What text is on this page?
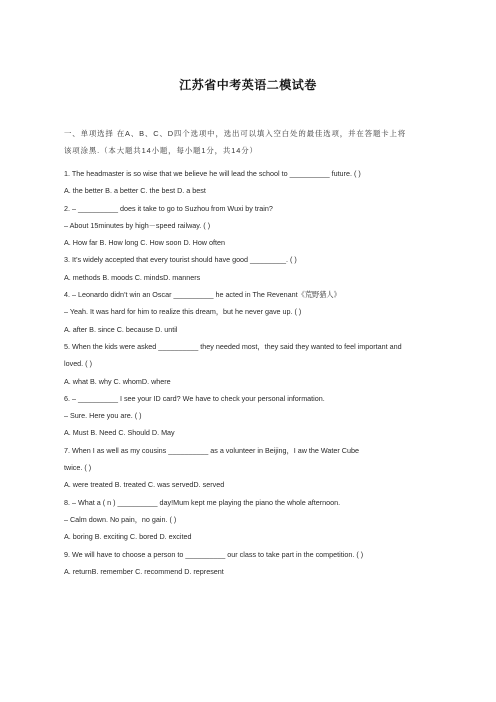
江苏省中考英语二模试卷
一、单项选择 在A、B、C、D四个选项中，选出可以填入空白处的最佳选项，并在答题卡上将
该项涂黑.（本大题共14小题，每小题1分，共14分）
1. The headmaster is so wise that we believe he will lead the school to __________ future. ( )
A. the better B. a better C. the best D. a best
2. – __________ does it take to go to Suzhou from Wuxi by train?
– About 15minutes by high－speed railway. ( )
A. How far B. How long C. How soon D. How often
3. It’s widely accepted that every tourist should have good _________. ( )
A. methods B. moods C. mindsD. manners
4. – Leonardo didn’t win an Oscar __________ he acted in The Revenant《荒野猎人》
– Yeah. It was hard for him to realize this dream，but he never gave up. ( )
A. after B. since C. because D. until
5. When the kids were asked __________ they needed most，they said they wanted to feel important and
loved. ( )
A. what B. why C. whomD. where
6. – __________ I see your ID card? We have to check your personal information.
– Sure. Here you are. ( )
A. Must B. Need C. Should D. May
7. When I as well as my cousins __________ as a volunteer in Beijing，I aw the Water Cube
twice. ( )
A. were treated B. treated C. was servedD. served
8. – What a ( n ) __________ day!Mum kept me playing the piano the whole afternoon.
– Calm down. No pain，no gain. ( )
A. boring B. exciting C. bored D. excited
9. We will have to choose a person to __________ our class to take part in the competition. ( )
A. returnB. remember C. recommend D. represent
